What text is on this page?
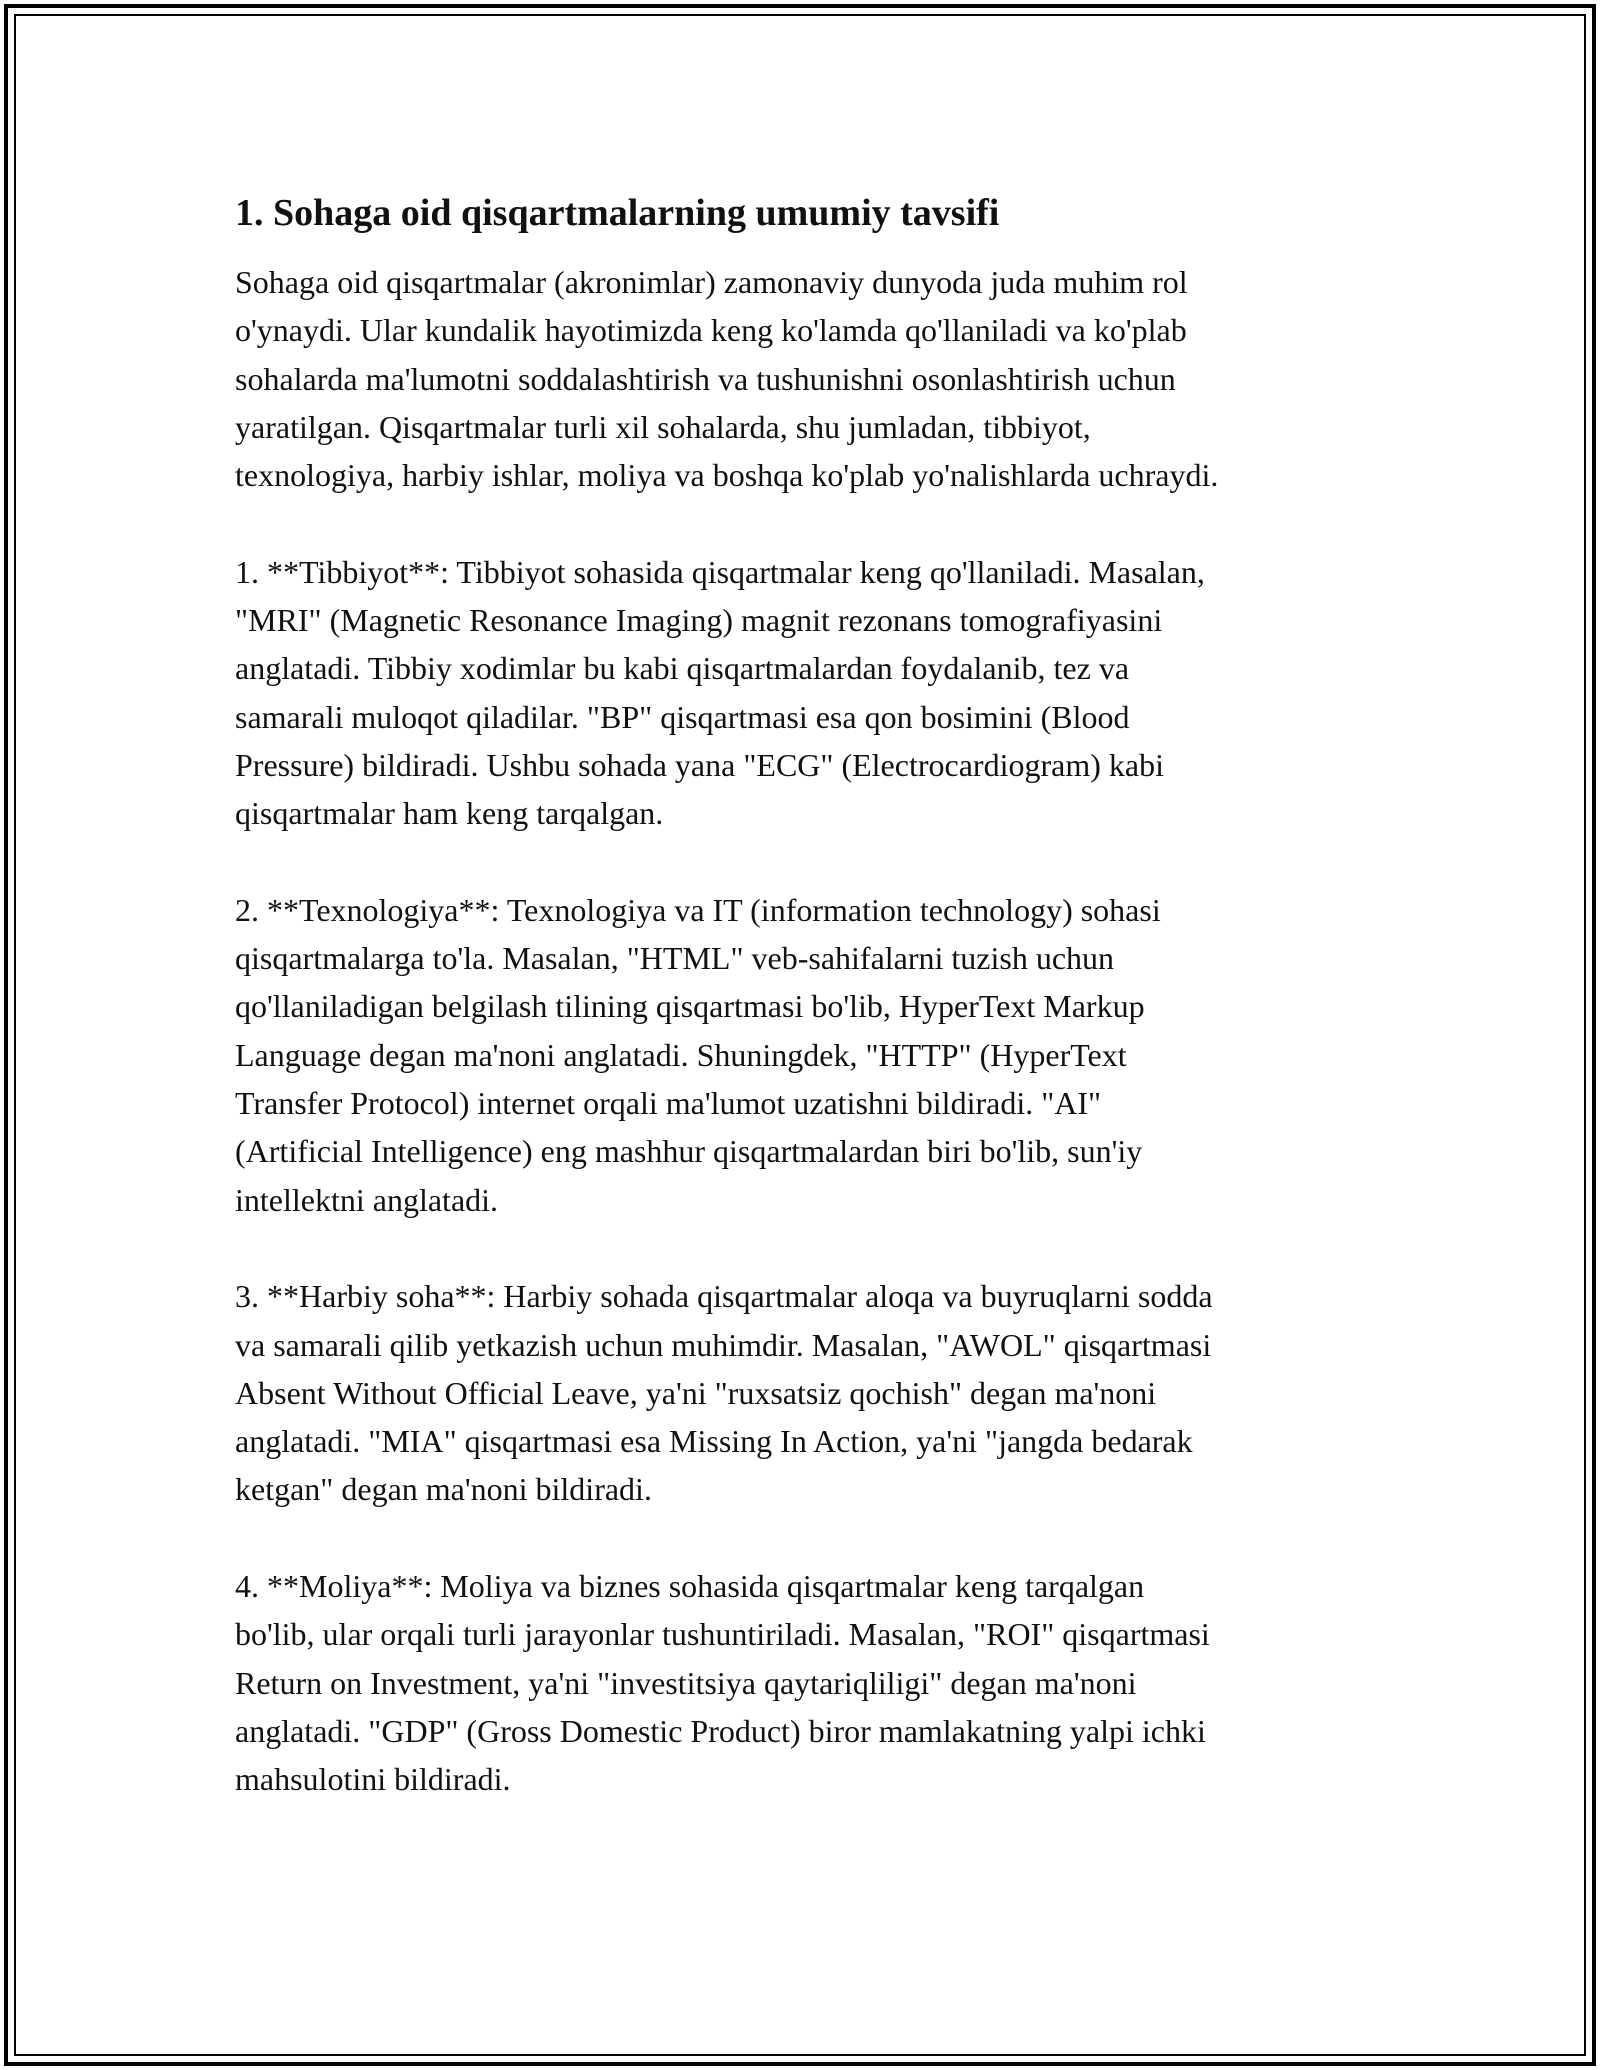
1. Sohaga oid qisqartmalarning umumiy tavsifi

Sohaga oid qisqartmalar (akronimlar) zamonaviy dunyoda juda muhim rol
o'ynaydi. Ular kundalik hayotimizda keng ko'lamda qo'llaniladi va ko'plab
sohalarda ma'lumotni soddalashtirish va tushunishni osonlashtirish uchun
yaratilgan. Qisqartmalar turli xil sohalarda, shu jumladan, tibbiyot,
texnologiya, harbiy ishlar, moliya va boshqa ko'plab yo'nalishlarda uchraydi.

1. **Tibbiyot**: Tibbiyot sohasida qisqartmalar keng qo'llaniladi. Masalan,
"MRI" (Magnetic Resonance Imaging) magnit rezonans tomografiyasini
anglatadi. Tibbiy xodimlar bu kabi qisqartmalardan foydalanib, tez va
samarali muloqot qiladilar. "BP" qisqartmasi esa qon bosimini (Blood
Pressure) bildiradi. Ushbu sohada yana "ECG" (Electrocardiogram) kabi
qisqartmalar ham keng tarqalgan.

2. **Texnologiya**: Texnologiya va IT (information technology) sohasi
qisqartmalarga to'la. Masalan, "HTML" veb-sahifalarni tuzish uchun
qo'llaniladigan belgilash tilining qisqartmasi bo'lib, HyperText Markup
Language degan ma'noni anglatadi. Shuningdek, "HTTP" (HyperText
Transfer Protocol) internet orqali ma'lumot uzatishni bildiradi. "AI"
(Artificial Intelligence) eng mashhur qisqartmalardan biri bo'lib, sun'iy
intellektni anglatadi.

3. **Harbiy soha**: Harbiy sohada qisqartmalar aloqa va buyruqlarni sodda
va samarali qilib yetkazish uchun muhimdir. Masalan, "AWOL" qisqartmasi
Absent Without Official Leave, ya'ni "ruxsatsiz qochish" degan ma'noni
anglatadi. "MIA" qisqartmasi esa Missing In Action, ya'ni "jangda bedarak
ketgan" degan ma'noni bildiradi.

4. **Moliya**: Moliya va biznes sohasida qisqartmalar keng tarqalgan
bo'lib, ular orqali turli jarayonlar tushuntiriladi. Masalan, "ROI" qisqartmasi
Return on Investment, ya'ni "investitsiya qaytariqliligi" degan ma'noni
anglatadi. "GDP" (Gross Domestic Product) biror mamlakatning yalpi ichki
mahsulotini bildiradi.
